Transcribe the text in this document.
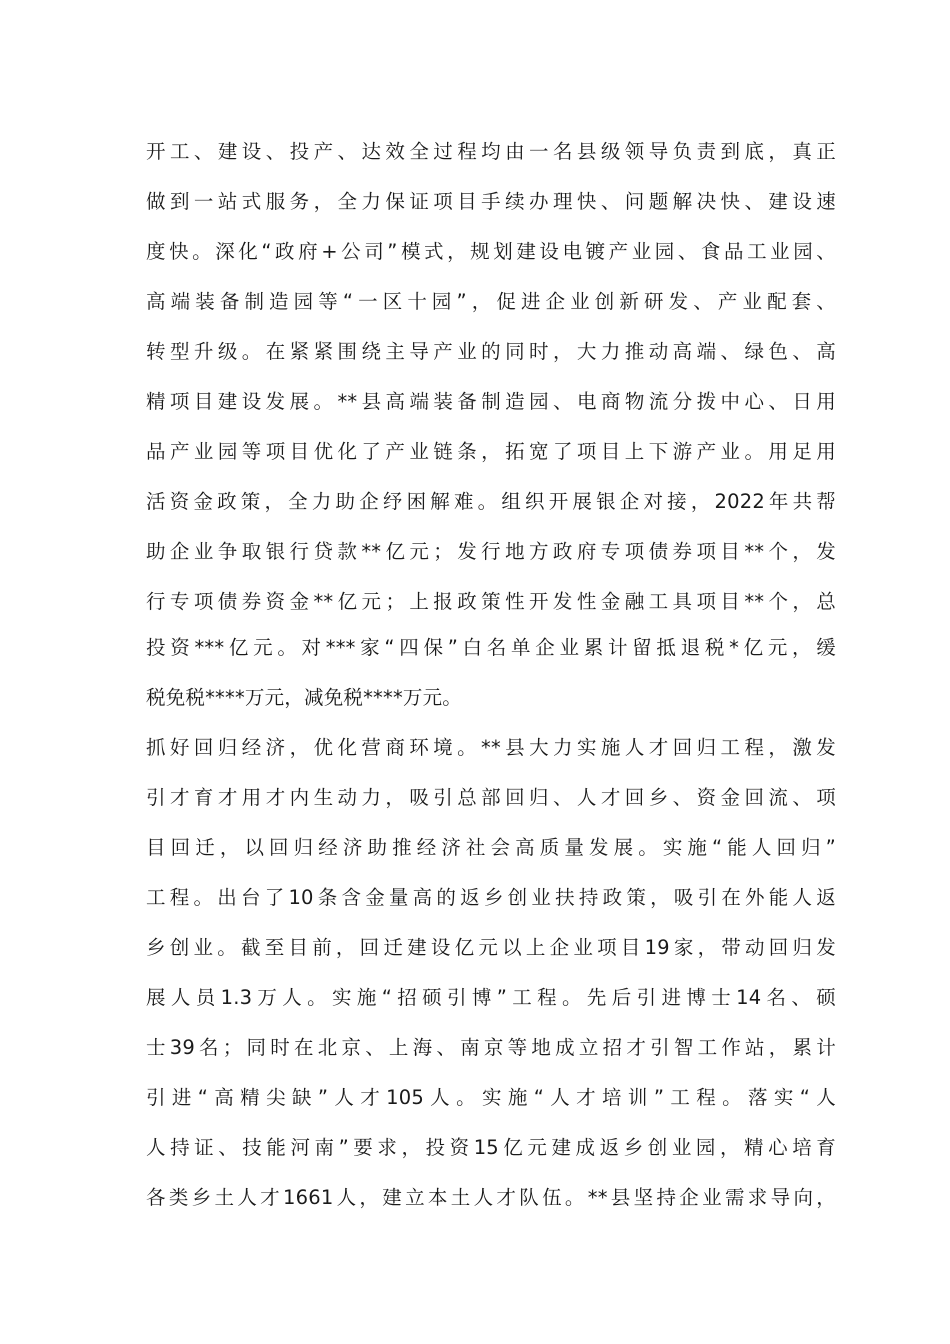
开工、建设、投产、达效全过程均由一名县级领导负责到底，真正
做到一站式服务，全力保证项目手续办理快、问题解决快、建设速
度快。深化“政府+公司”模式，规划建设电镀产业园、食品工业园、
高端装备制造园等“一区十园”，促进企业创新研发、产业配套、
转型升级。在紧紧围绕主导产业的同时，大力推动高端、绿色、高
精项目建设发展。**县高端装备制造园、电商物流分拨中心、日用
品产业园等项目优化了产业链条，拓宽了项目上下游产业。用足用
活资金政策，全力助企纾困解难。组织开展银企对接，2022年共帮
助企业争取银行贷款**亿元；发行地方政府专项债券项目**个，发
行专项债券资金**亿元；上报政策性开发性金融工具项目**个，总
投资***亿元。对***家“四保”白名单企业累计留抵退税*亿元，缓
税免税****万元，减免税****万元。
抓好回归经济，优化营商环境。**县大力实施人才回归工程，激发
引才育才用才内生动力，吸引总部回归、人才回乡、资金回流、项
目回迁，以回归经济助推经济社会高质量发展。实施“能人回归”
工程。出台了10条含金量高的返乡创业扶持政策，吸引在外能人返
乡创业。截至目前，回迁建设亿元以上企业项目19家，带动回归发
展人员1.3万人。实施“招硕引博”工程。先后引进博士14名、硕
士39名；同时在北京、上海、南京等地成立招才引智工作站，累计
引进“高精尖缺”人才105人。实施“人才培训”工程。落实“人
人持证、技能河南”要求，投资15亿元建成返乡创业园，精心培育
各类乡土人才1661人，建立本土人才队伍。**县坚持企业需求导向，
